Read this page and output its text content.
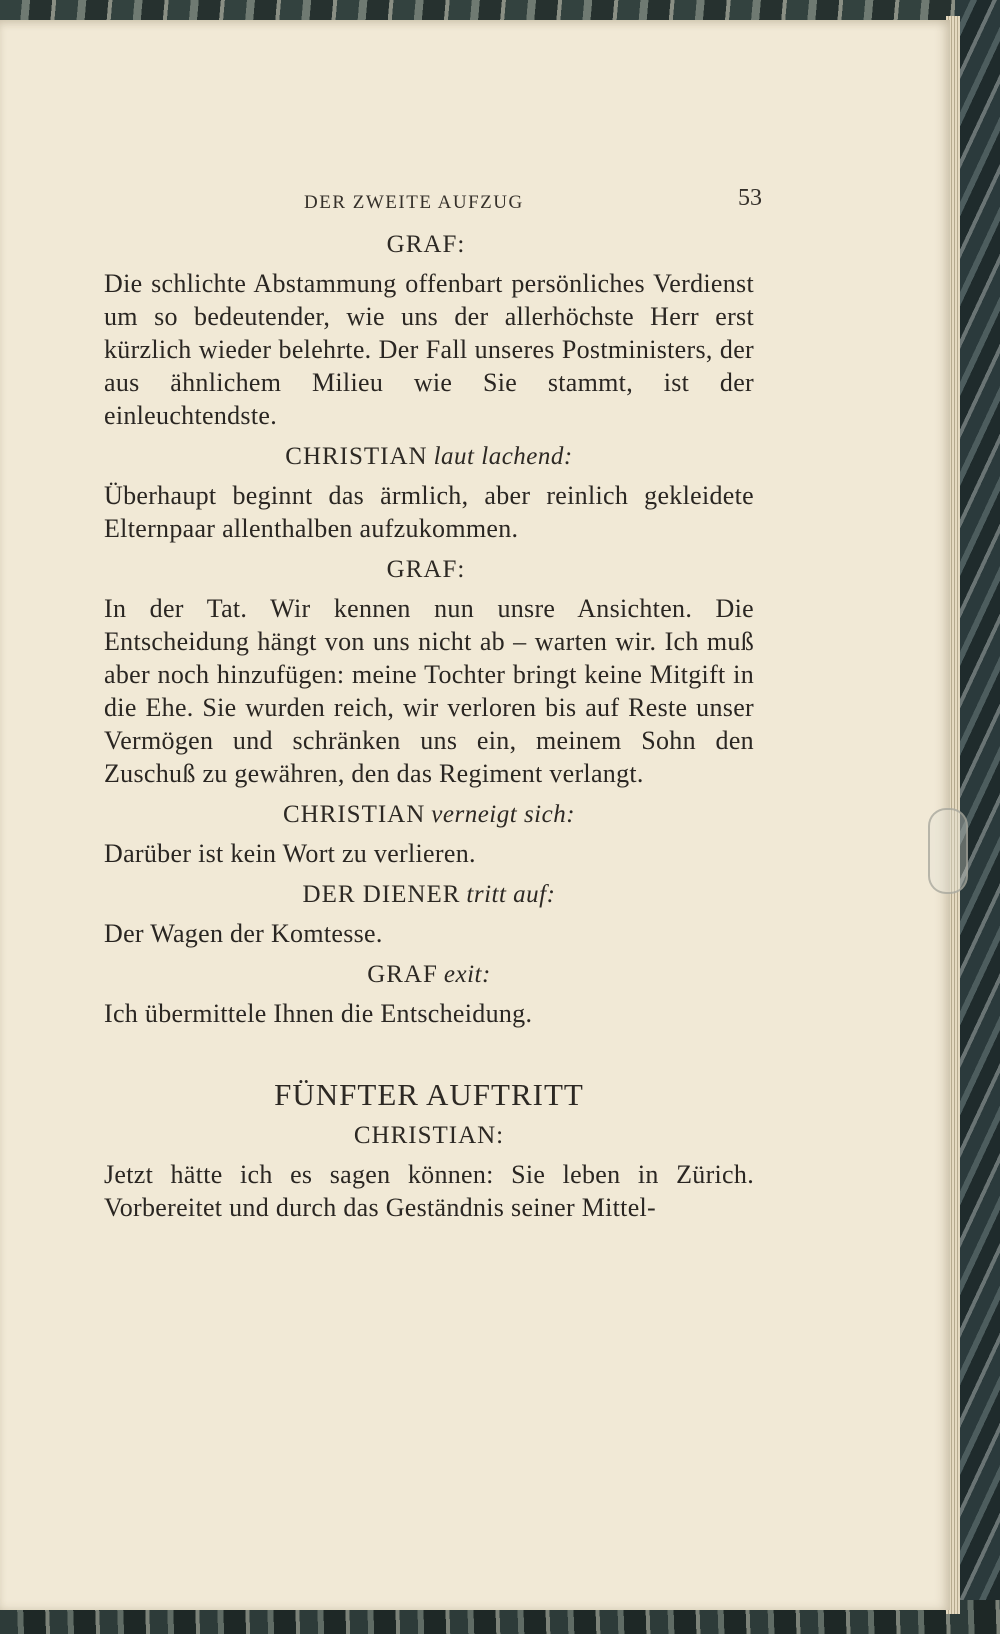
DER ZWEITE AUFZUG	53
GRAF:

Die schlichte Abstammung offenbart persönliches Verdienst um so bedeutender, wie uns der allerhöchste Herr erst kürzlich wieder belehrte. Der Fall unseres Postministers, der aus ähnlichem Milieu wie Sie stammt, ist der einleuchtendste.

CHRISTIAN laut lachend:

Überhaupt beginnt das ärmlich, aber reinlich gekleidete Elternpaar allenthalben aufzukommen.

GRAF:

In der Tat. Wir kennen nun unsre Ansichten. Die Entscheidung hängt von uns nicht ab – warten wir. Ich muß aber noch hinzufügen: meine Tochter bringt keine Mitgift in die Ehe. Sie wurden reich, wir verloren bis auf Reste unser Vermögen und schränken uns ein, meinem Sohn den Zuschuß zu gewähren, den das Regiment verlangt.

CHRISTIAN verneigt sich:

Darüber ist kein Wort zu verlieren.

DER DIENER tritt auf:

Der Wagen der Komtesse.

GRAF exit:

Ich übermittele Ihnen die Entscheidung.

FÜNFTER AUFTRITT
CHRISTIAN:

Jetzt hätte ich es sagen können: Sie leben in Zürich. Vorbereitet und durch das Geständnis seiner Mittel-
